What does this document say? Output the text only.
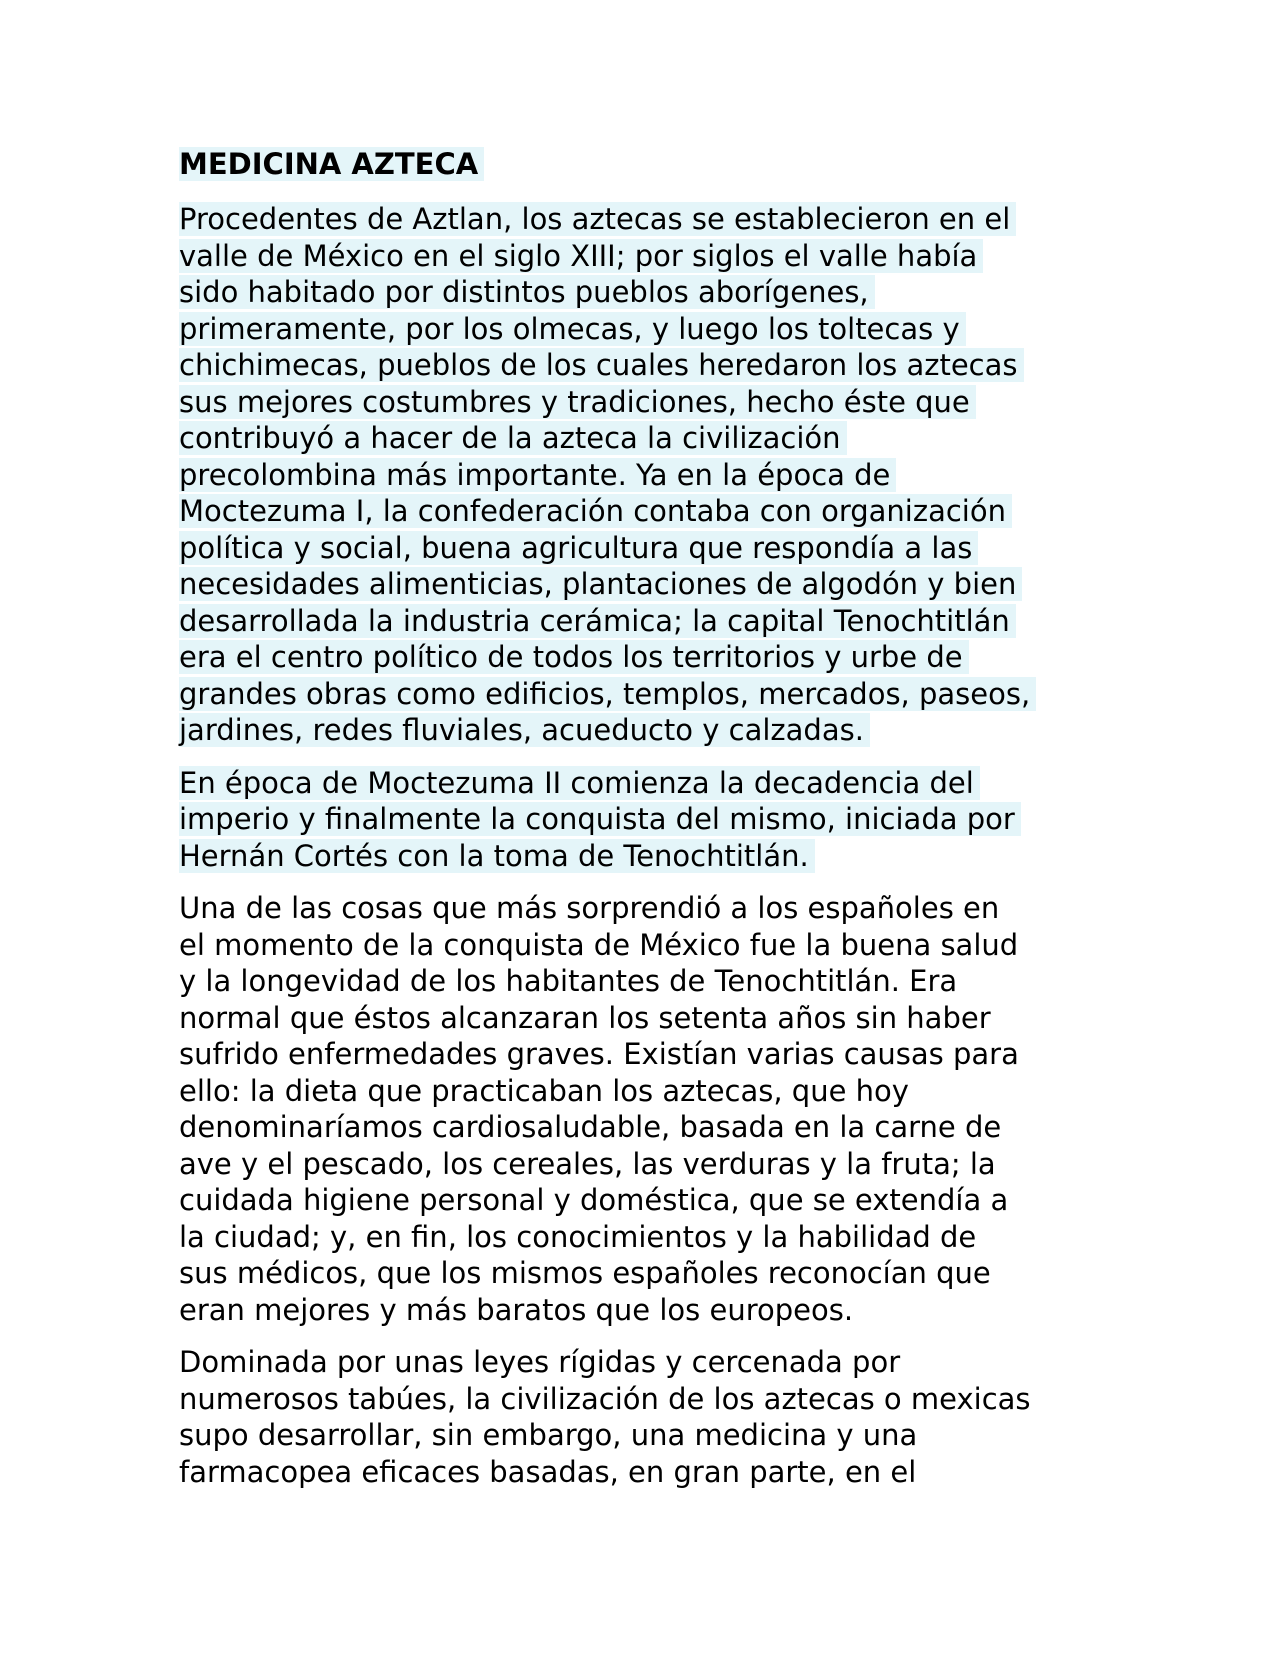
MEDICINA AZTECA

Procedentes de Aztlan, los aztecas se establecieron en el
valle de México en el siglo XIII; por siglos el valle había
sido habitado por distintos pueblos aborígenes,
primeramente, por los olmecas, y luego los toltecas y
chichimecas, pueblos de los cuales heredaron los aztecas
sus mejores costumbres y tradiciones, hecho éste que
contribuyó a hacer de la azteca la civilización
precolombina más importante. Ya en la época de
Moctezuma I, la confederación contaba con organización
política y social, buena agricultura que respondía a las
necesidades alimenticias, plantaciones de algodón y bien
desarrollada la industria cerámica; la capital Tenochtitlán
era el centro político de todos los territorios y urbe de
grandes obras como edificios, templos, mercados, paseos,
jardines, redes fluviales, acueducto y calzadas.

En época de Moctezuma II comienza la decadencia del
imperio y finalmente la conquista del mismo, iniciada por
Hernán Cortés con la toma de Tenochtitlán.

Una de las cosas que más sorprendió a los españoles en
el momento de la conquista de México fue la buena salud
y la longevidad de los habitantes de Tenochtitlán. Era
normal que éstos alcanzaran los setenta años sin haber
sufrido enfermedades graves. Existían varias causas para
ello: la dieta que practicaban los aztecas, que hoy
denominaríamos cardiosaludable, basada en la carne de
ave y el pescado, los cereales, las verduras y la fruta; la
cuidada higiene personal y doméstica, que se extendía a
la ciudad; y, en fin, los conocimientos y la habilidad de
sus médicos, que los mismos españoles reconocían que
eran mejores y más baratos que los europeos.

Dominada por unas leyes rígidas y cercenada por
numerosos tabúes, la civilización de los aztecas o mexicas
supo desarrollar, sin embargo, una medicina y una
farmacopea eficaces basadas, en gran parte, en el
